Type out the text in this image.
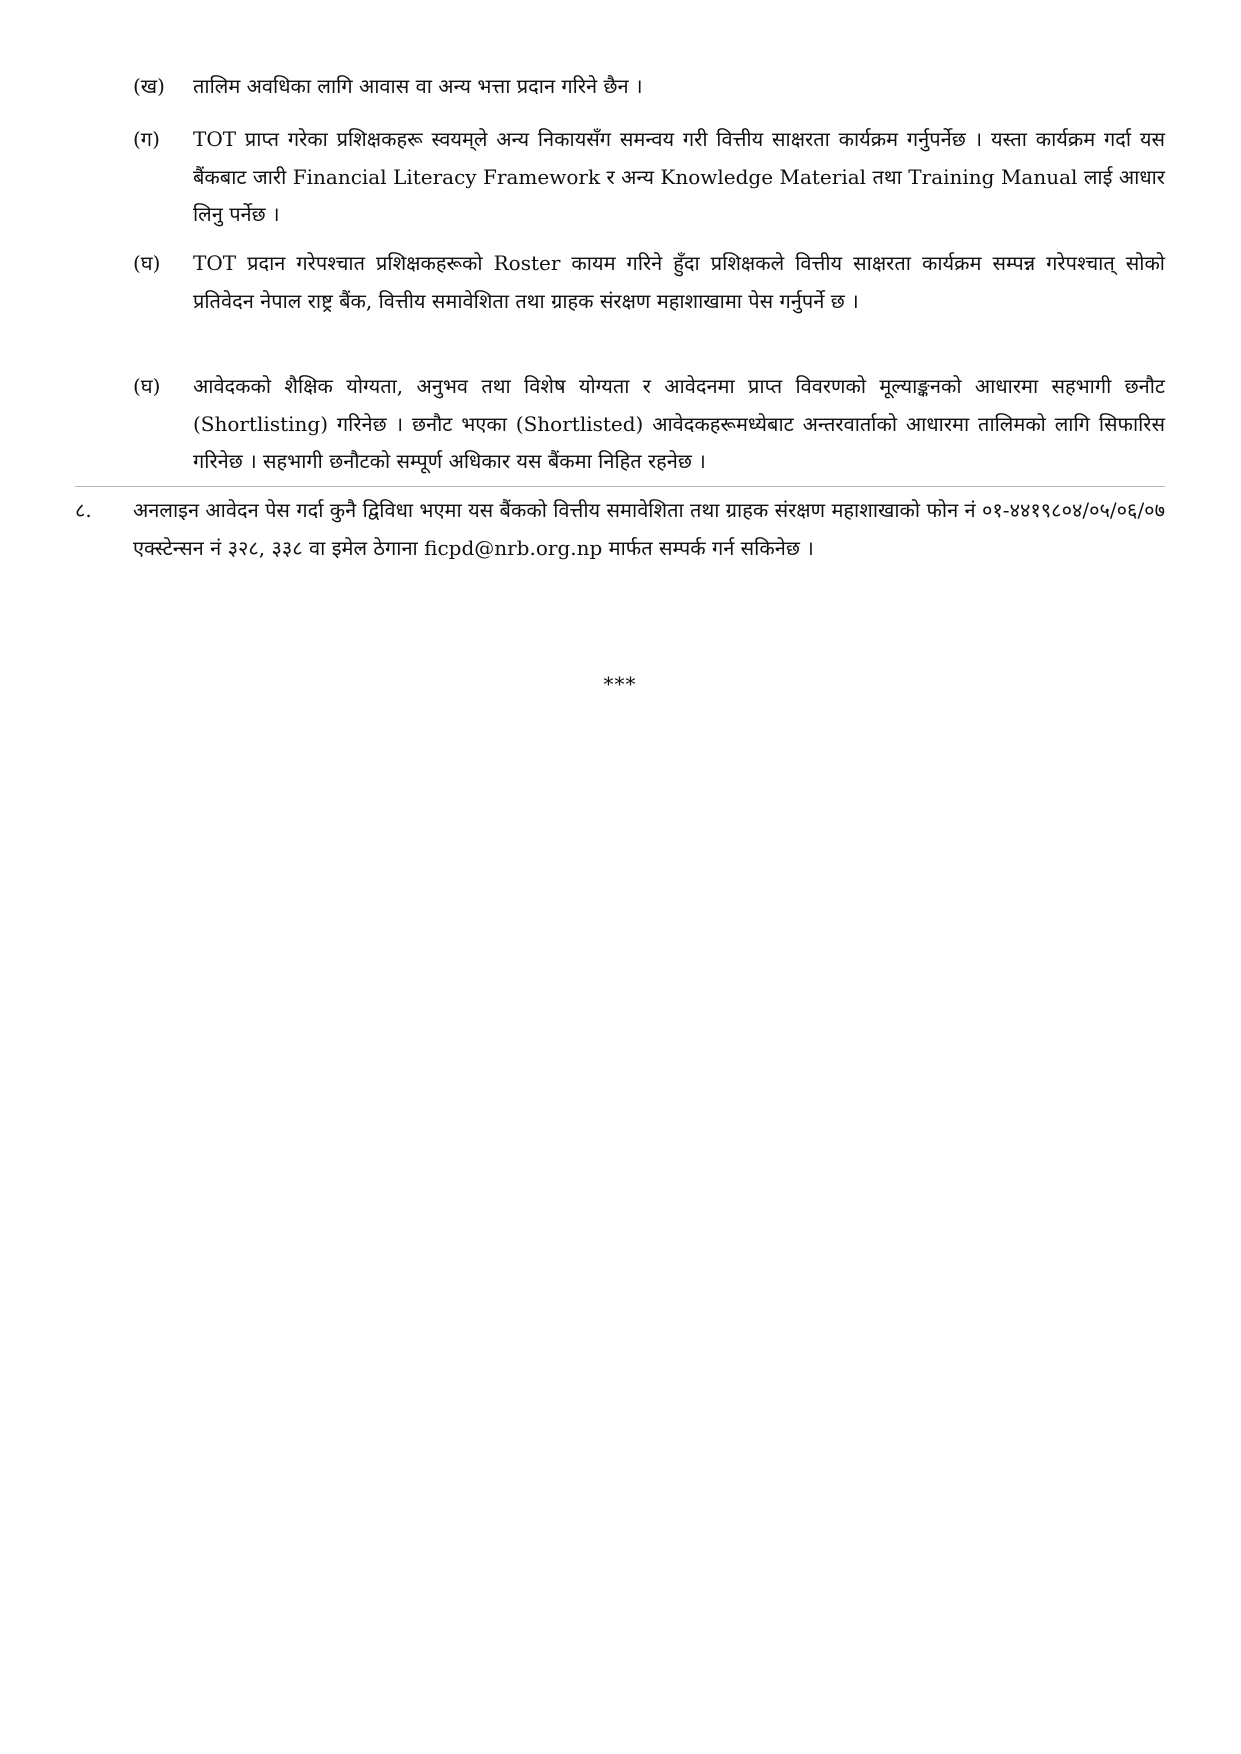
(ख)	तालिम अवधिका लागि आवास वा अन्य भत्ता प्रदान गरिने छैन ।
(ग)	TOT प्राप्त गरेका प्रशिक्षकहरू स्वयम्‌ले अन्य निकायसँग समन्वय गरी वित्तीय साक्षरता कार्यक्रम गर्नुपर्नेछ । यस्ता कार्यक्रम गर्दा यस बैंकबाट जारी Financial Literacy Framework र अन्य Knowledge Material तथा Training Manual लाई आधार लिनु पर्नेछ ।
(घ)	TOT प्रदान गरेपश्चात प्रशिक्षकहरूको Roster कायम गरिने हुँदा प्रशिक्षकले वित्तीय साक्षरता कार्यक्रम सम्पन्न गरेपश्चात्‌ सोको प्रतिवेदन नेपाल राष्ट्र बैंक, वित्तीय समावेशिता तथा ग्राहक संरक्षण महाशाखामा पेस गर्नुपर्ने छ ।
(घ)	आवेदकको शैक्षिक योग्यता, अनुभव तथा विशेष योग्यता र आवेदनमा प्राप्त विवरणको मूल्याङ्कनको आधारमा सहभागी छनौट (Shortlisting) गरिनेछ । छनौट भएका (Shortlisted) आवेदकहरूमध्येबाट अन्तरवार्ताको आधारमा तालिमको लागि सिफारिस गरिनेछ । सहभागी छनौटको सम्पूर्ण अधिकार यस बैंकमा निहित रहनेछ ।
८.	अनलाइन आवेदन पेस गर्दा कुनै द्विविधा भएमा यस बैंकको वित्तीय समावेशिता तथा ग्राहक संरक्षण महाशाखाको फोन नं ०१-४४१९८०४/०५/०६/०७ एक्स्टेन्सन नं ३२८, ३३८ वा इमेल ठेगाना ficpd@nrb.org.np मार्फत सम्पर्क गर्न सकिनेछ ।
***
